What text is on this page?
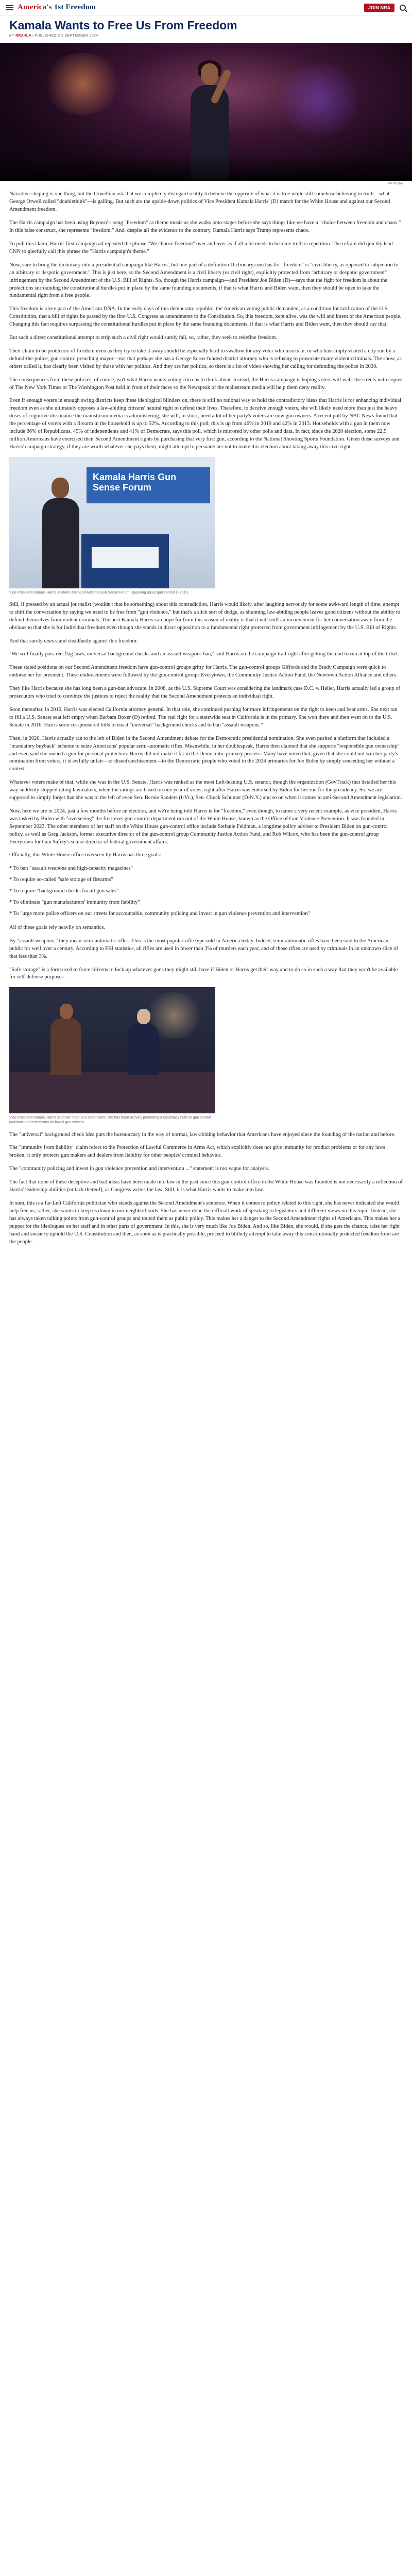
America's 1st Freedom	JOIN NRA
Kamala Wants to Free Us From Freedom
BY NRA-ILA | PUBLISHED ON SEPTEMBER 2024
AP Photo/

Narrative-shaping is one thing, but the Orwellian ask that we completely disregard reality to believe the opposite of what it is true while still somehow believing in truth—what George Orwell called "doublethink"—is galling. But such are the upside-down politics of Vice President Kamala Harris' (D) march for the White House and against our Second Amendment freedom.

The Harris campaign has been using Beyoncé's song "Freedom" as theme music as she walks onto stages before she says things like we have a "choice between freedom and chaos." In this false construct, she represents "freedom." And, despite all the evidence to the contrary, Kamala Harris says Trump represents chaos.

To pull this claim, Harris' first campaign ad repeated the phrase "We choose freedom" over and over as if all a lie needs to become truth is repetition. The refrain did quickly lead CNN to gleefully call this phrase the "Harris campaign's theme."

Now, sure to bring the dictionary into a presidential campaign like Harris', but one part of a definition Dictionary.com has for "freedom" is "civil liberty, as opposed to subjection to an arbitrary or despotic government." This is just here, so the Second Amendment is a civil liberty (or civil right), explicitly protected from "arbitrary or despotic government" infringement by the Second Amendment of the U.S. Bill of Rights. So, though the Harris campaign—and President Joe Biden (D)—says that the fight for freedom is about the protections surrounding the constitutional hurdles put in place by the same founding documents, if that is what Harris and Biden want, then they should be open to take the fundamental right from a free people.

This freedom is a key part of the American DNA. In the early days of this democratic republic, the American voting public demanded, as a condition for ratification of the U.S. Constitution, that a bill of rights be passed by the first U.S. Congress as amendments to the Constitution. So, this freedom, kept alive, was the will and intent of the American people. Changing this fact requires surpassing the constitutional hurdles put in place by the same founding documents, if that is what Harris and Biden want, then they should say that.

But such a direct constitutional attempt to strip such a civil right would surely fail, so, rather, they seek to redefine freedom.

Their claim to be protectors of freedom even as they try to take it away should be especially hard to swallow for any voter who insists in, or who has simply visited a city run by a defund-the-police, gun-control preaching mayor—not that perhaps she has a George Soros-funded district attorney who is refusing to prosecute many violent criminals. The show, as others called it, has clearly been visited by those with her politics. And they are her politics, so there is a lot of video showing her calling for defunding the police in 2020.

The consequences from these policies, of course, isn't what Harris wants voting citizens to think about. Instead, the Harris campaign is hoping voters will walk the streets with copies of The New York Times or The Washington Post held in front of their faces so the Newspeak of the mainstream media will help them deny reality.

Even if enough voters in enough swing districts keep these ideological blinders on, there is still no rational way to hold the contradictory ideas that Harris is for enhancing individual freedom even as she ultimately opposes a law-abiding citizens' natural right to defend their lives. Therefore, to deceive enough voters, she will likely need more than just the heavy doses of cognitive dissonance the mainstream media is administering; she will, in short, need a lot of her party's voters are now gun owners. A recent poll by NBC News found that the percentage of voters with a firearm in the household is up to 52%. According to this poll, this is up from 46% in 2019 and 42% in 2013. Households with a gun in them now include 66% of Republicans, 45% of independents and 41% of Democrats, says this poll, which is mirrored by other polls and data. In fact, since the 2020 election, some 22.5 million Americans have exercised their Second Amendment rights by purchasing that very first gun, according to the National Shooting Sports Foundation. Given these surveys and Harris' campaign strategy, if they are worth whatever she pays them, might attempt to persuade her not to make this election about taking away this civil right.

Kamala Harris Gun Sense Forum
Vice President Kamala Harris at Moms Demand Action's Gun Sense Forum, speaking about gun control in 2019.

Still, if pressed by an actual journalist (wouldn't that be something) about this contradiction, Harris would likely, after laughing nervously for some awkward length of time, attempt to shift the conversation by saying we need to be free from "gun violence," but that's a slick sort of dodge, as shunning law-abiding people leaves good citizens without the ability to defend themselves from violent criminals. The best Kamala Harris can hope for from this season of reality is that it will shift an inconvenient for her conversation away from the obvious to that she is for individual freedom even though she stands in direct opposition to a fundamental right protected from government infringement by the U.S. Bill of Rights.

And that surely does stand steadfastly against this freedom:

"We will finally pass red-flag laws, universal background checks and an assault weapons ban," said Harris on the campaign trail right after getting the nod to run at top of the ticket.

These stated positions on our Second Amendment freedom have gun-control groups gritty for Harris. The gun-control groups Giffords and the Brady Campaign were quick to endorse her for president. These endorsements were followed by the gun-control groups Everytown, the Community Justice Action Fund, the Newtown Action Alliance and others.

They like Harris because she has long been a gun-ban advocate. In 2008, as the U.S. Supreme Court was considering the landmark case D.C. v. Heller, Harris actually led a group of prosecutors who tried to convince the justices to reject the reality that the Second Amendment protects an individual right.

Soon thereafter, in 2010, Harris was elected California attorney general. In that role, she continued pushing for more infringements on the right to keep and bear arms. She next ran to fill a U.S. Senate seat left empty when Barbara Boxer (D) retired. The real fight for a statewide seat in California is in the primary. She won there and then went on to the U.S. Senate in 2016. Harris soon co-sponsored bills to enact "universal" background checks and to ban "assault weapons."

Then, in 2020, Harris actually ran to the left of Biden in the Second Amendment debate for the Democratic presidential nomination. She even pushed a platform that included a "mandatory buyback" scheme to seize Americans' popular semi-automatic rifles. Meanwhile, in her doublespeak, Harris then claimed that she supports "responsible gun ownership" and even said she owned a gun for personal protection. Harris did not make it far in the Democratic primary process. Many have noted that, given that she could not win her party's nomination from voters, it is awfully unfair—or disenfranchisement—to the Democratic people who voted in the 2024 primaries for Joe Biden by simply conceding her without a contest.

Whatever voters make of that, while she was in the U.S. Senate, Harris was ranked as the most Left-leaning U.S. senator, though the organization (GovTrack) that detailed her this way suddenly stopped rating lawmakers, when the ratings are based on one year of votes; right after Harris was endorsed by Biden for her run for the presidency. So, we are supposed to simply forget that she was to the left of even Sen. Bernie Sanders (I-Vt.), Sen. Chuck Schumer (D-N.Y.) and so on when it comes to anti-Second Amendment legislation.

Now, here we are in 2024, just a few months before an election, and we're being told Harris is for "freedom," even though, to name a very recent example, as vice president, Harris was tasked by Biden with "overseeing" the first-ever gun-control department run out of the White House, known as the Office of Gun Violence Prevention. It was founded in September 2023. The other members of her staff on the White House gun-control office include Stefanie Feldman, a longtime policy adviser to President Biden on gun-control policy, as well as Greg Jackson, former executive director of the gun-control group Community Justice Action Fund, and Rob Wilcox, who has been the gun-control group Everytown for Gun Safety's senior director of federal government affairs.

Officially, this White House office overseen by Harris has three goals:

* To ban "assault weapons and high-capacity magazines"
* To require so-called "safe storage of firearms"
* To require "background checks for all gun sales"
* To eliminate "gun manufacturers' immunity from liability"
* To "urge more police officers on our streets for accountable, community policing and invest in gun violence prevention and intervention"

All of these goals rely heavily on semantics.

By "assault weapons," they mean semi-automatic rifles. This is the most popular rifle type sold in America today. Indeed, semi-automatic rifles have been sold to the American public for well over a century. According to FBI statistics, all rifles are used in fewer than 3% of murders each year, and of those rifles are used by criminals in an unknown slice of that less than 3%.

"Safe storage" is a form used to force citizens to lock up whatever guns they might still have if Biden or Harris get their way and to do so in such a way that they won't be available for self-defense purposes.

Vice President Kamala Harris is shown here at a 2024 event; she has been actively promoting a candidacy built on gun control positions and restrictions on lawful gun owners.

The "universal" background check idea puts the bureaucracy in the way of normal, law-abiding behavior that Americans have enjoyed since the founding of the nation and before.

The "immunity from liability" claim refers to the Protection of Lawful Commerce in Arms Act, which explicitly does not give immunity for product problems or for any laws broken; it only protects gun makers and dealers from liability for other peoples' criminal behavior.

The "community policing and invest in gun violence prevention and intervention ..." statement is too vague for analysis.

The fact that none of these deceptive and bad ideas have been made into law in the past since this gun-control office in the White House was founded is not necessarily a reflection of Harris' leadership abilities (or lack thereof), as Congress writes the law. Still, it is what Harris wants to make into law.

In sum, this is a far-Left California politician who stands against the Second Amendment's sentence. When it comes to policy related to this right, she has never indicated she would help free us; rather, she wants to keep us down in our neighborhoods. She has never done the difficult work of speaking to legislators and different views on this topic. Instead, she has always taken talking points from gun-control groups and touted them as public policy. This makes her a danger to the Second Amendment rights of Americans. This makes her a puppet for the ideologues on her staff and in other parts of government. In this, she is very much like Joe Biden. And so, like Biden, she would, if she gets the chance, raise her right hand and swear to uphold the U.S. Constitution and then, as soon as is practically possible, proceed to blithely attempt to take away this constitutionally protected freedom from are the people.
